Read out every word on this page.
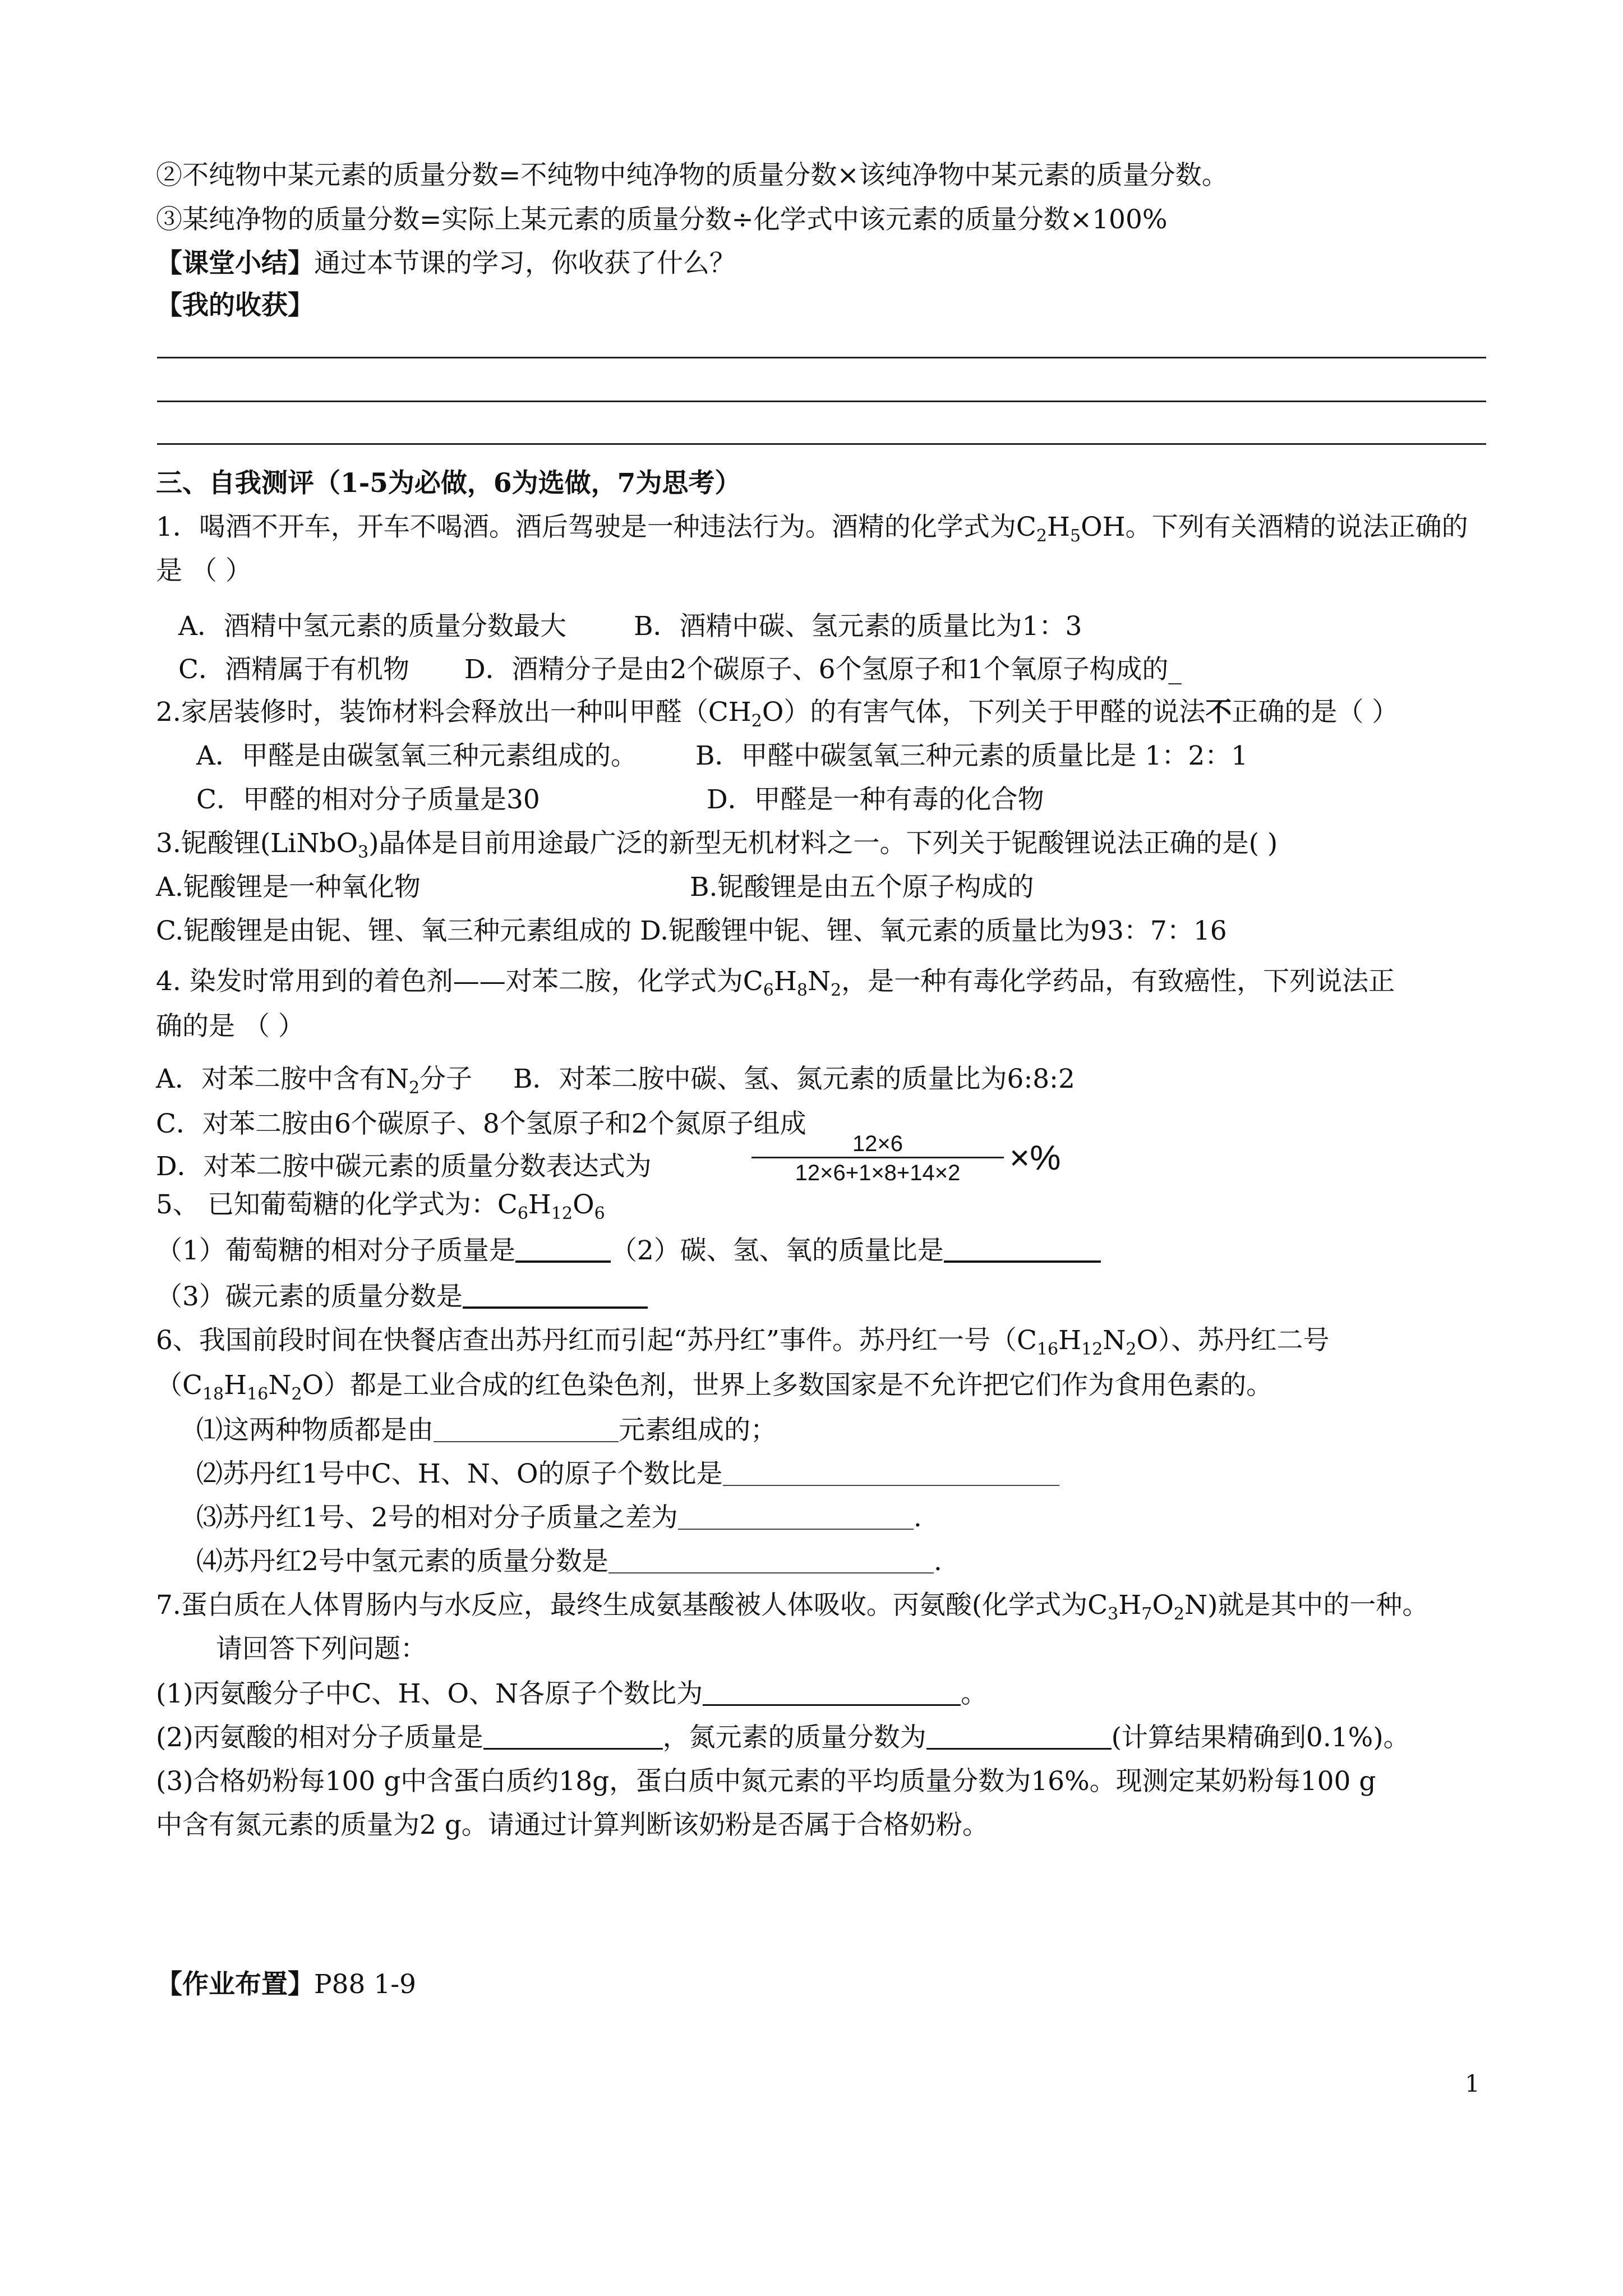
②不纯物中某元素的质量分数=不纯物中纯净物的质量分数×该纯净物中某元素的质量分数。
③某纯净物的质量分数=实际上某元素的质量分数÷化学式中该元素的质量分数×100%
【课堂小结】通过本节课的学习，你收获了什么？
【我的收获】
三、自我测评（1-5为必做，6为选做，7为思考）
1．喝酒不开车，开车不喝酒。酒后驾驶是一种违法行为。酒精的化学式为$C_2H_5OH$。下列有关酒精的说法正确的
是 （ ）
A．酒精中氢元素的质量分数最大	B．酒精中碳、氢元素的质量比为1：3
C．酒精属于有机物 D．酒精分子是由2个碳原子、6个氢原子和1个氧原子构成的_
2.家居装修时，装饰材料会释放出一种叫甲醛$(CH_2O)$的有害气体，下列关于甲醛的说法不正确的是（ ）
A．甲醛是由碳氢氧三种元素组成的。 B．甲醛中碳氢氧三种元素的质量比是 1：2：1
C．甲醛的相对分子质量是30	D．甲醛是一种有毒的化合物
3.铌酸锂(LiNbO$_3$)晶体是目前用途最广泛的新型无机材料之一。下列关于铌酸锂说法正确的是( )
A.铌酸锂是一种氧化物	B.铌酸锂是由五个原子构成的
C.铌酸锂是由铌、锂、氧三种元素组成的 D.铌酸锂中铌、锂、氧元素的质量比为93：7：16
4. 染发时常用到的着色剂——对苯二胺，化学式为$C_6H_8N_2$，是一种有毒化学药品，有致癌性，下列说法正
确的是 （ ）
A．对苯二胺中含有$N_2$分子 B．对苯二胺中碳、氢、氮元素的质量比为6:8:2
C．对苯二胺由6个碳原子、8个氢原子和2个氮原子组成
D．对苯二胺中碳元素的质量分数表达式为
12×6
12×6+1×8+14×2	×%
5、 已知葡萄糖的化学式为：$C_6H_{12}O_6$
（1）葡萄糖的相对分子质量是	（2）碳、氢、氧的质量比是
（3）碳元素的质量分数是
6、我国前段时间在快餐店查出苏丹红而引起“苏丹红”事件。苏丹红一号$(C_{16}H_{12}N_2O)$、苏丹红二号
$(C_{18}H_{16}N_2O)$都是工业合成的红色染色剂，世界上多数国家是不允许把它们作为食用色素的。
⑴这两种物质都是由	元素组成的；
⑵苏丹红1号中C、H、N、O的原子个数比是
⑶苏丹红1号、2号的相对分子质量之差为	.
⑷苏丹红2号中氢元素的质量分数是	.
7.蛋白质在人体胃肠内与水反应，最终生成氨基酸被人体吸收。丙氨酸(化学式为$C_3H_7O_2N$)就是其中的一种。
请回答下列问题：
(1)丙氨酸分子中C、H、O、N各原子个数比为	。
(2)丙氨酸的相对分子质量是	，氮元素的质量分数为	(计算结果精确到0.1%)。
(3)合格奶粉每100 g中含蛋白质约18g，蛋白质中氮元素的平均质量分数为16%。现测定某奶粉每100 g
中含有氮元素的质量为2 g。请通过计算判断该奶粉是否属于合格奶粉。
【作业布置】P88 1-9
1
